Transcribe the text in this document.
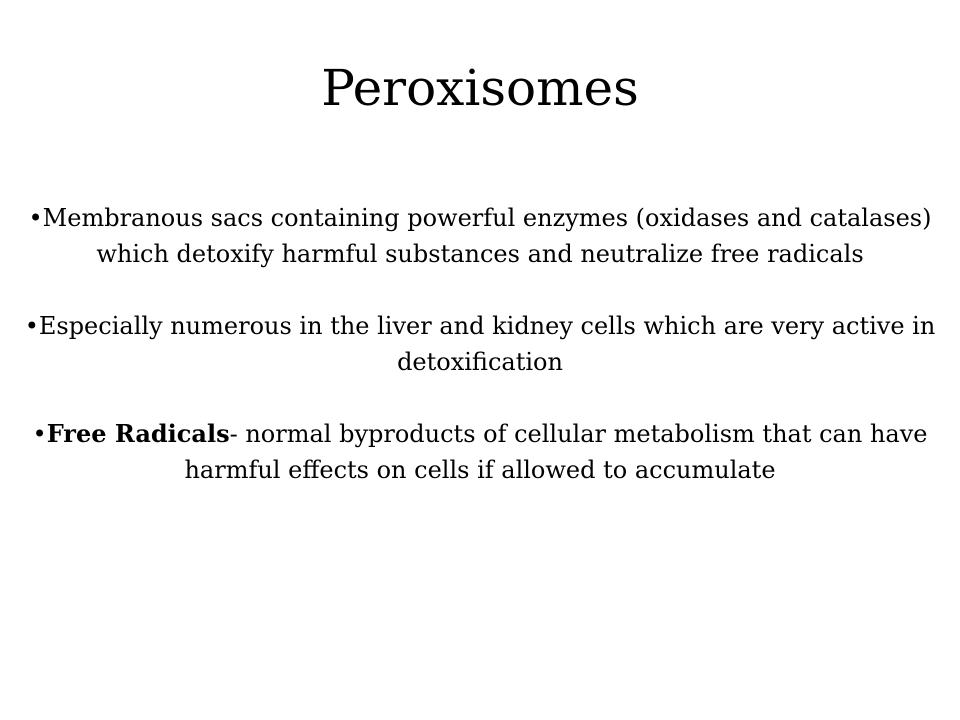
Peroxisomes

•Membranous sacs containing powerful enzymes (oxidases and catalases) which detoxify harmful substances and neutralize free radicals

•Especially numerous in the liver and kidney cells which are very active in detoxification

•Free Radicals- normal byproducts of cellular metabolism that can have harmful effects on cells if allowed to accumulate
